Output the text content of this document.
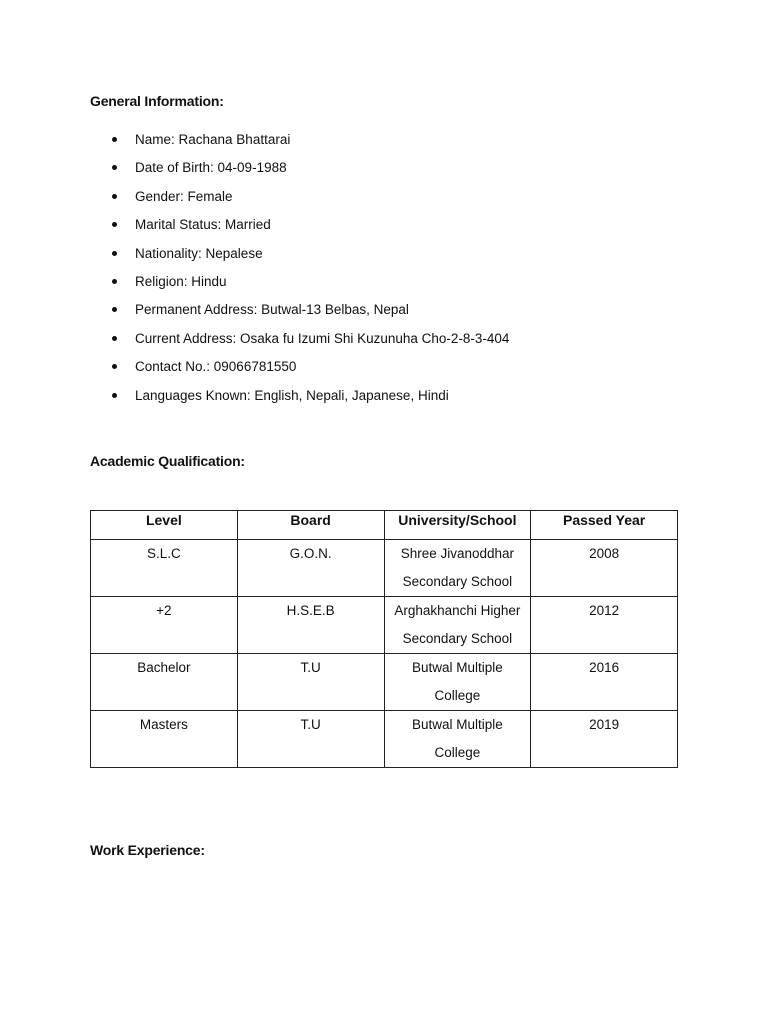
General Information:
Name: Rachana Bhattarai
Date of Birth: 04-09-1988
Gender: Female
Marital Status: Married
Nationality: Nepalese
Religion: Hindu
Permanent Address: Butwal-13 Belbas, Nepal
Current Address: Osaka fu Izumi Shi Kuzunuha Cho-2-8-3-404
Contact No.: 09066781550
Languages Known: English, Nepali, Japanese, Hindi
Academic Qualification:
Level	Board	University/School	Passed Year
S.L.C	G.O.N.	Shree Jivanoddhar Secondary School	2008
+2	H.S.E.B	Arghakhanchi Higher Secondary School	2012
Bachelor	T.U	Butwal Multiple College	2016
Masters	T.U	Butwal Multiple College	2019
Work Experience:
